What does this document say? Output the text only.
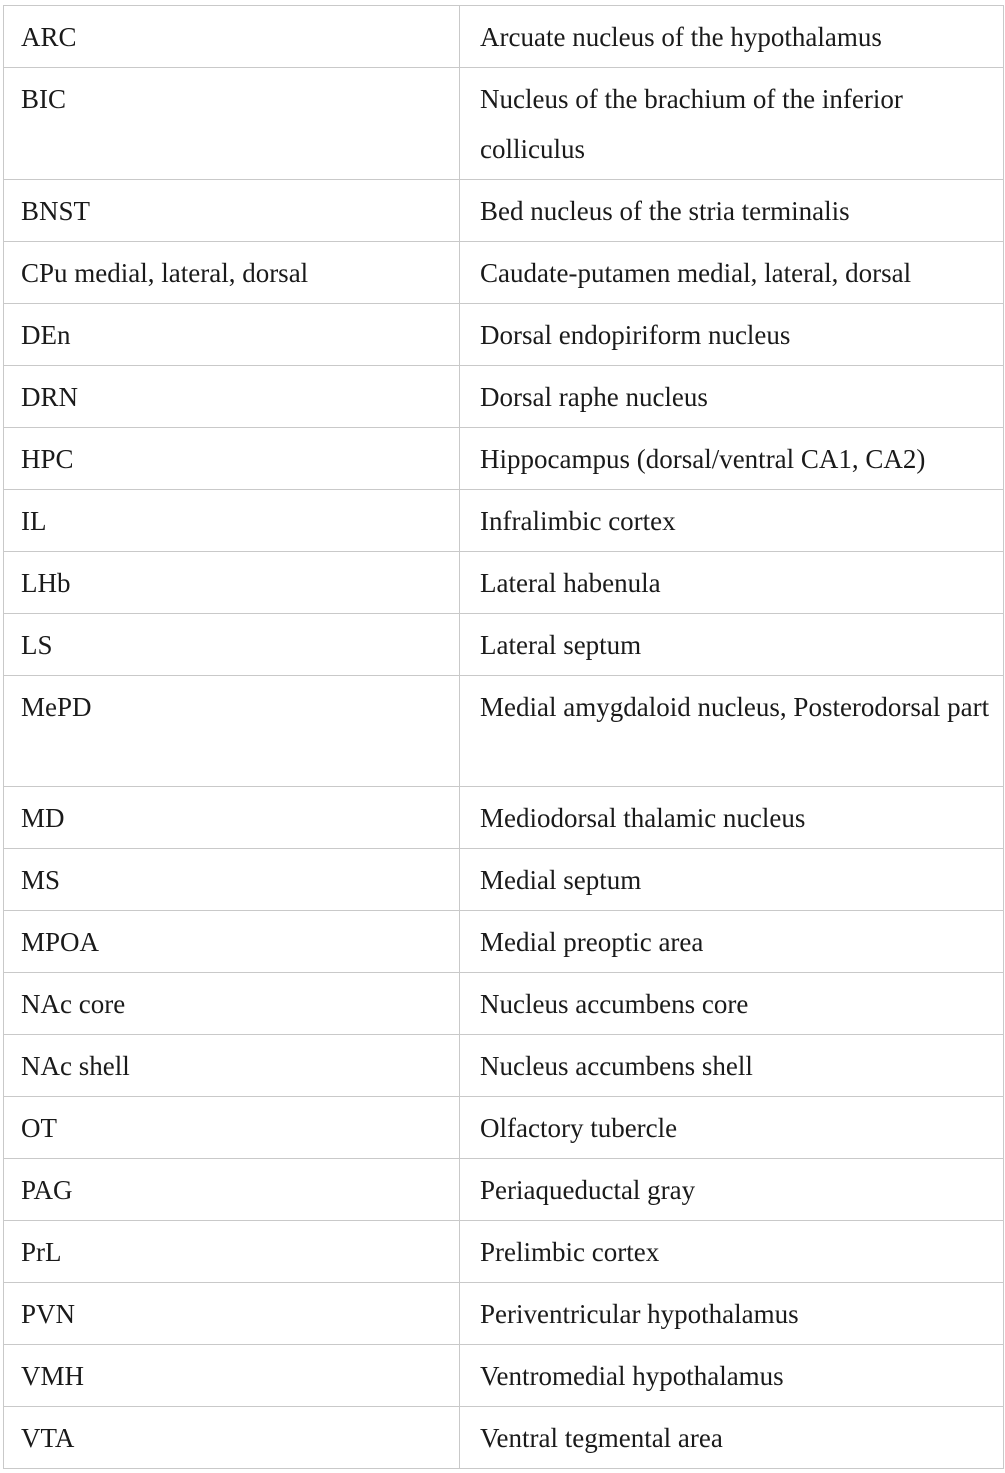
ARC	Arcuate nucleus of the hypothalamus
BIC	Nucleus of the brachium of the inferior colliculus
BNST	Bed nucleus of the stria terminalis
CPu medial, lateral, dorsal	Caudate-putamen medial, lateral, dorsal
DEn	Dorsal endopiriform nucleus
DRN	Dorsal raphe nucleus
HPC	Hippocampus (dorsal/ventral CA1, CA2)
IL	Infralimbic cortex
LHb	Lateral habenula
LS	Lateral septum
MePD	Medial amygdaloid nucleus, Posterodorsal part
MD	Mediodorsal thalamic nucleus
MS	Medial septum
MPOA	Medial preoptic area
NAc core	Nucleus accumbens core
NAc shell	Nucleus accumbens shell
OT	Olfactory tubercle
PAG	Periaqueductal gray
PrL	Prelimbic cortex
PVN	Periventricular hypothalamus
VMH	Ventromedial hypothalamus
VTA	Ventral tegmental area
